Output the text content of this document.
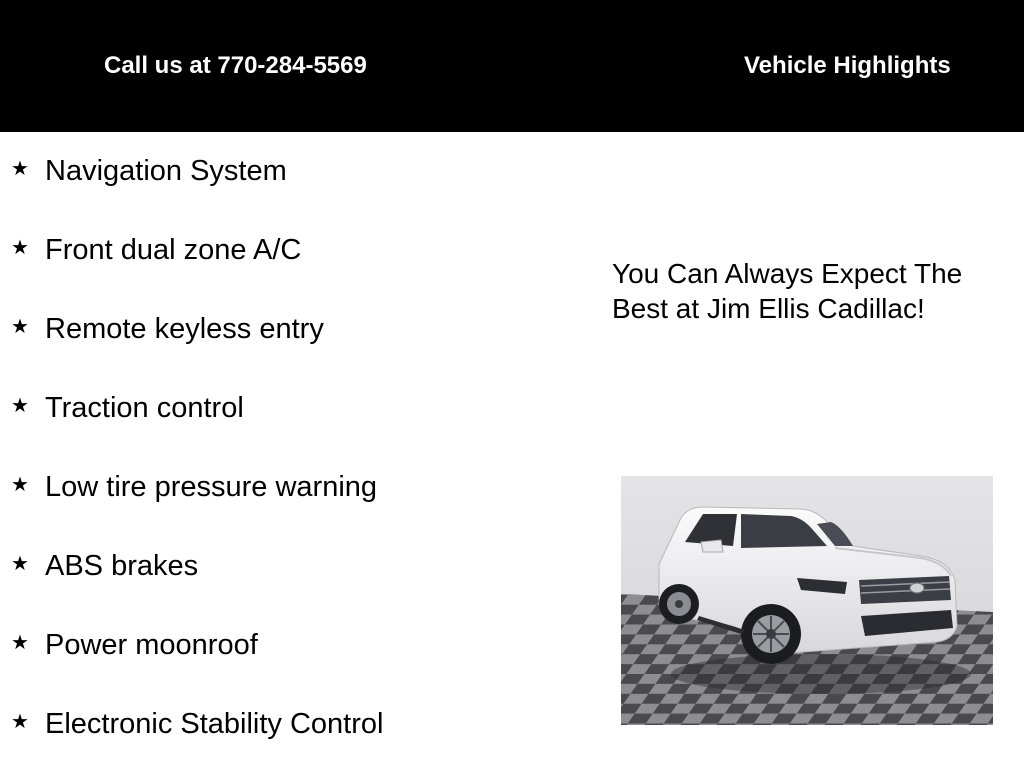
Call us at 770-284-5569	Vehicle Highlights
★ Navigation System
★ Front dual zone A/C
★ Remote keyless entry
★ Traction control
★ Low tire pressure warning
★ ABS brakes
★ Power moonroof
★ Electronic Stability Control
You Can Always Expect The Best at Jim Ellis Cadillac!
